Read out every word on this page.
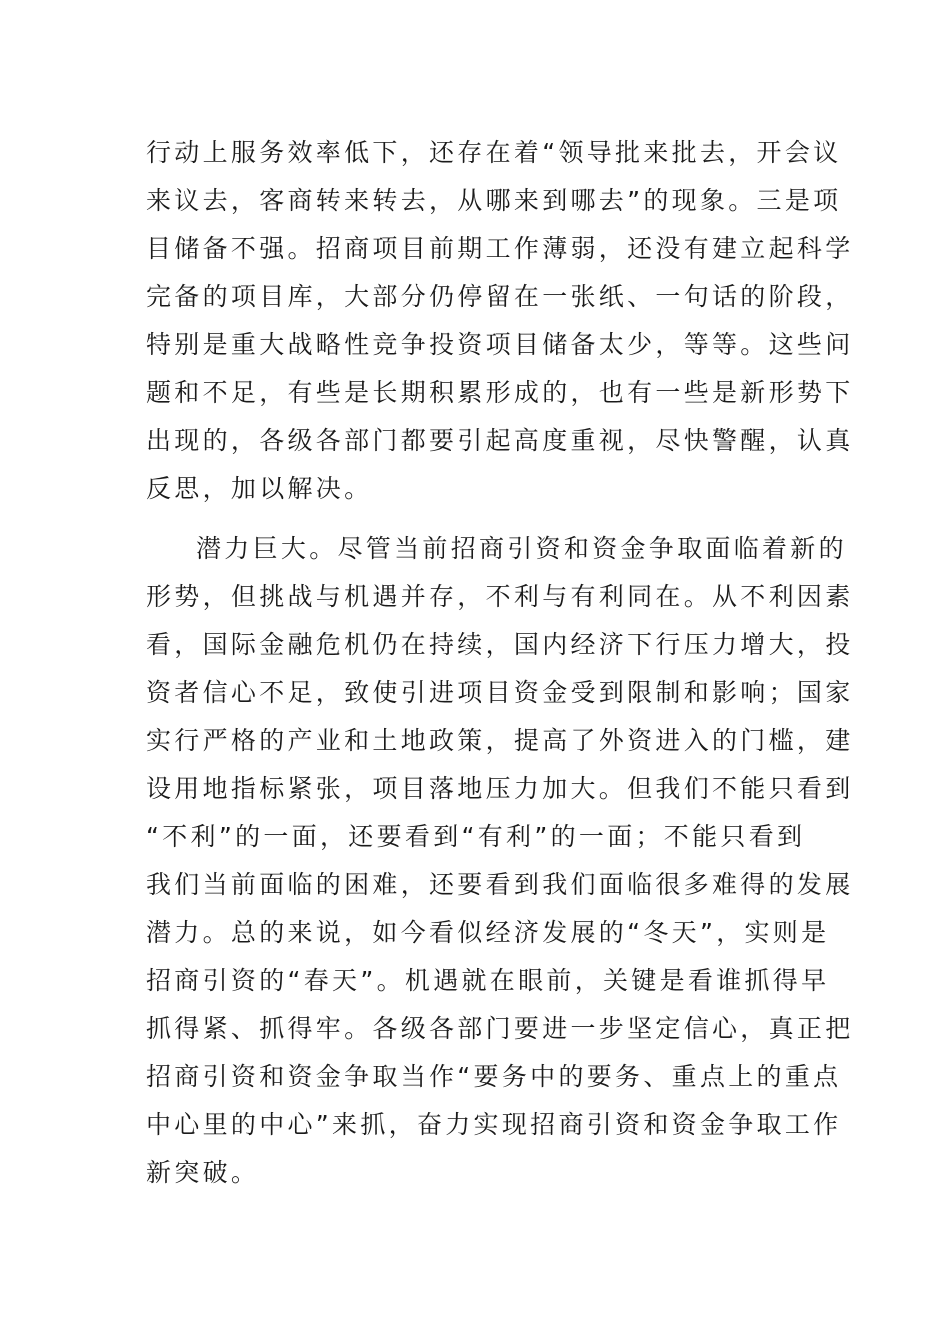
行动上服务效率低下，还存在着“领导批来批去，开会议
来议去，客商转来转去，从哪来到哪去”的现象。三是项
目储备不强。招商项目前期工作薄弱，还没有建立起科学
完备的项目库，大部分仍停留在一张纸、一句话的阶段，
特别是重大战略性竞争投资项目储备太少，等等。这些问
题和不足，有些是长期积累形成的，也有一些是新形势下
出现的，各级各部门都要引起高度重视，尽快警醒，认真
反思，加以解决。
潜力巨大。尽管当前招商引资和资金争取面临着新的
形势，但挑战与机遇并存，不利与有利同在。从不利因素
看，国际金融危机仍在持续，国内经济下行压力增大，投
资者信心不足，致使引进项目资金受到限制和影响；国家
实行严格的产业和土地政策，提高了外资进入的门槛，建
设用地指标紧张，项目落地压力加大。但我们不能只看到
“不利”的一面，还要看到“有利”的一面；不能只看到
我们当前面临的困难，还要看到我们面临很多难得的发展
潜力。总的来说，如今看似经济发展的“冬天”，实则是
招商引资的“春天”。机遇就在眼前，关键是看谁抓得早
抓得紧、抓得牢。各级各部门要进一步坚定信心，真正把
招商引资和资金争取当作“要务中的要务、重点上的重点
中心里的中心”来抓，奋力实现招商引资和资金争取工作
新突破。
